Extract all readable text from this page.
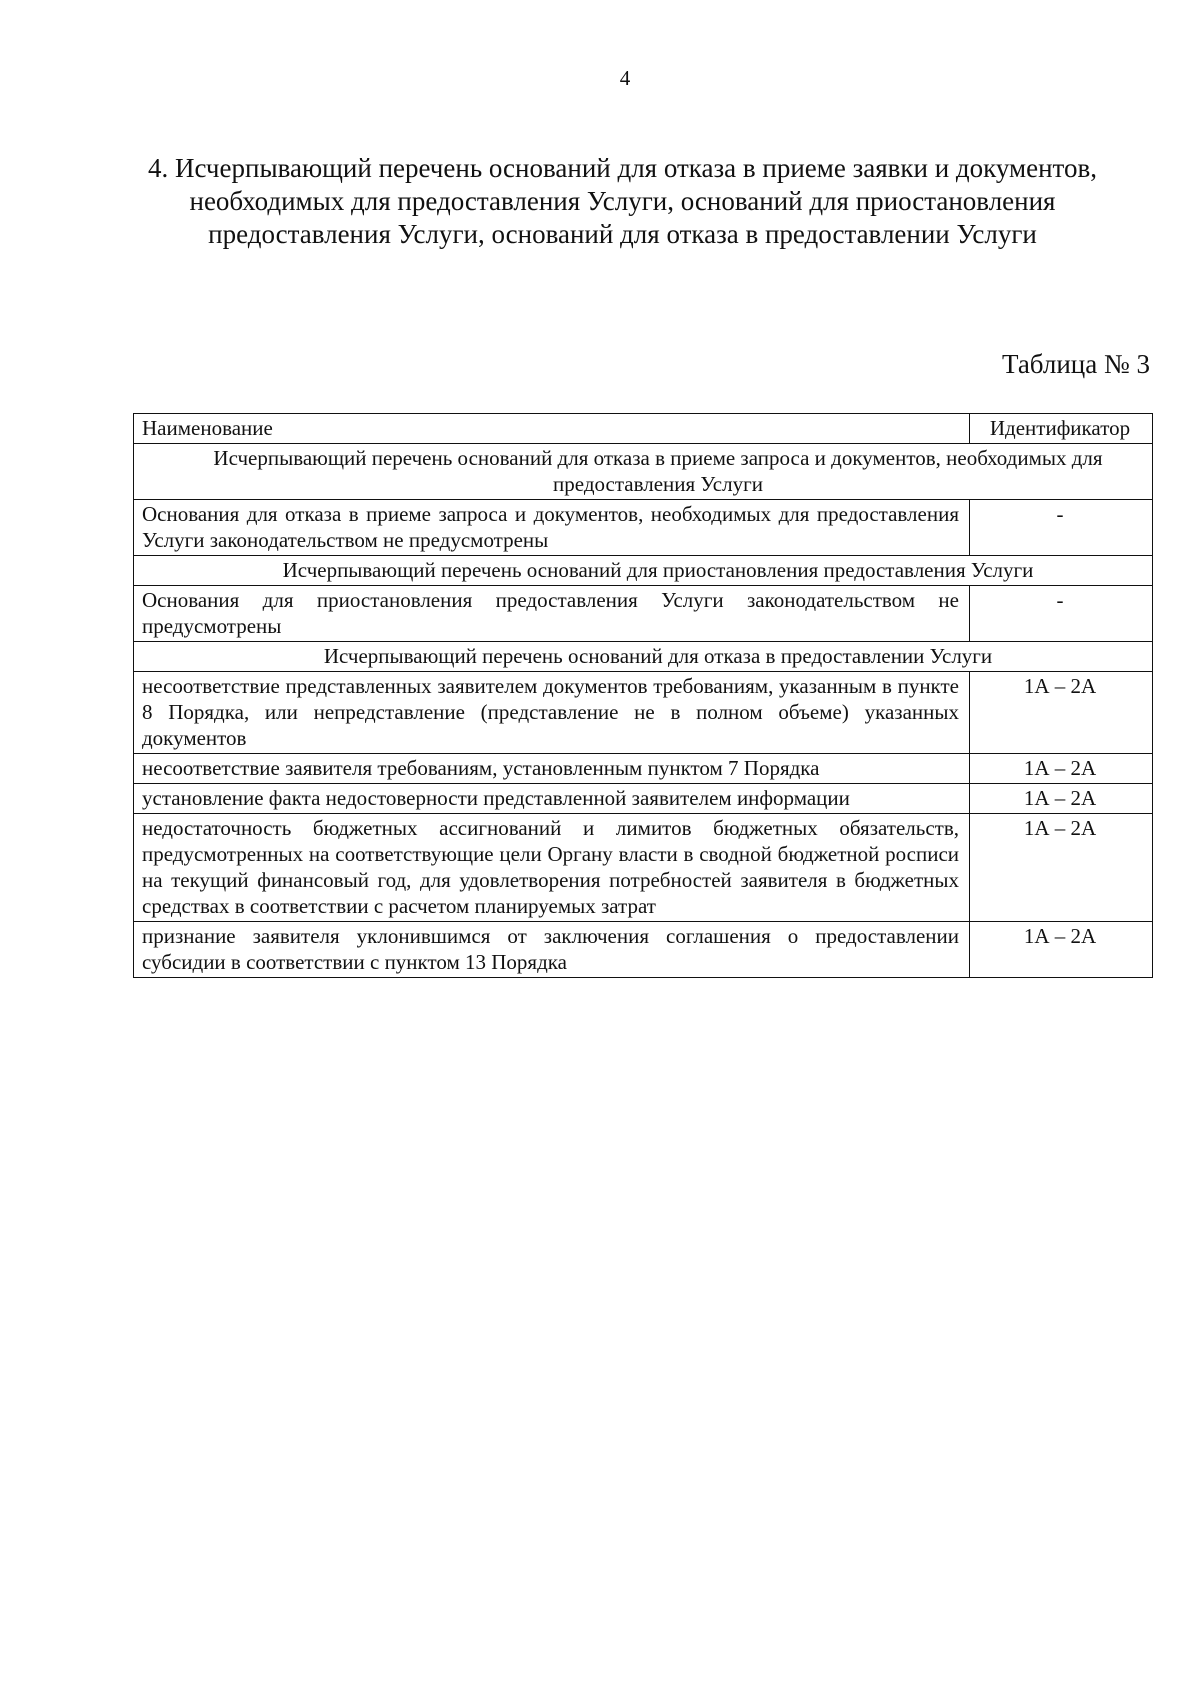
4
4. Исчерпывающий перечень оснований для отказа в приеме заявки и документов, необходимых для предоставления Услуги, оснований для приостановления предоставления Услуги, оснований для отказа в предоставлении Услуги
Таблица № 3
Наименование	Идентификатор
Исчерпывающий перечень оснований для отказа в приеме запроса и документов, необходимых для предоставления Услуги	
Основания для отказа в приеме запроса и документов, необходимых для предоставления Услуги законодательством не предусмотрены	-
Исчерпывающий перечень оснований для приостановления предоставления Услуги	
Основания для приостановления предоставления Услуги законодательством не предусмотрены	-
Исчерпывающий перечень оснований для отказа в предоставлении Услуги	
несоответствие представленных заявителем документов требованиям, указанным в пункте 8 Порядка, или непредставление (представление не в полном объеме) указанных документов	1А – 2А
несоответствие заявителя требованиям, установленным пунктом 7 Порядка	1А – 2А
установление факта недостоверности представленной заявителем информации	1А – 2А
недостаточность бюджетных ассигнований и лимитов бюджетных обязательств, предусмотренных на соответствующие цели Органу власти в сводной бюджетной росписи на текущий финансовый год, для удовлетворения потребностей заявителя в бюджетных средствах в соответствии с расчетом планируемых затрат	1А – 2А
признание заявителя уклонившимся от заключения соглашения о предоставлении субсидии в соответствии с пунктом 13 Порядка	1А – 2А
